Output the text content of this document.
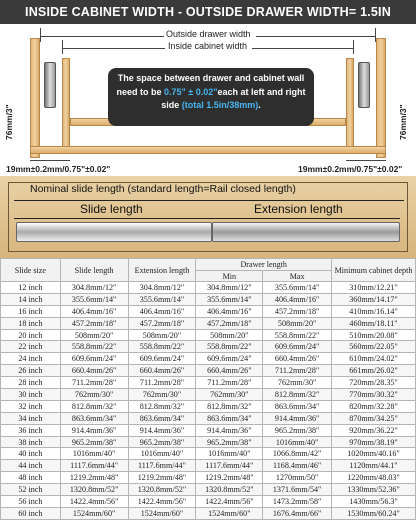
INSIDE CABINET WIDTH - OUTSIDE DRAWER WIDTH= 1.5IN
Outside drawer width
Inside cabinet width
76mm/3"	76mm/3"
The space between drawer and cabinet wall need to be 0.75" ± 0.02"each at left and right side (total 1.5in/38mm).
19mm±0.2mm/0.75"±0.02"	19mm±0.2mm/0.75"±0.02"
Nominal slide length (standard length=Rail closed length)
Slide length	Extension length
Slide size	Slide length	Extension length	Drawer length		Minimum cabinet depth
			Min	Max	
12 inch	304.8mm/12"	304.8mm/12"	304.8mm/12"	355.6mm/14"	310mm/12.21"
14 inch	355.6mm/14"	355.6mm/14"	355.6mm/14"	406.4mm/16"	360mm/14.17"
16 inch	406.4mm/16"	406.4mm/16"	406.4mm/16"	457.2mm/18"	410mm/16.14"
18 inch	457.2mm/18"	457.2mm/18"	457.2mm/18"	508mm/20"	460mm/18.11"
20 inch	508mm/20"	508mm/20"	508mm/20"	558.8mm/22"	510mm/20.08"
22 inch	558.8mm/22"	558.8mm/22"	558.8mm/22"	609.6mm/24"	560mm/22.05"
24 inch	609.6mm/24"	609.6mm/24"	609.6mm/24"	660.4mm/26"	610mm/24.02"
26 inch	660.4mm/26"	660.4mm/26"	660.4mm/26"	711.2mm/28"	661mm/26.02"
28 inch	711.2mm/28"	711.2mm/28"	711.2mm/28"	762mm/30"	720mm/28.35"
30 inch	762mm/30"	762mm/30"	762mm/30"	812.8mm/32"	770mm/30.32"
32 inch	812.8mm/32"	812.8mm/32"	812.8mm/32"	863.6mm/34"	820mm/32.28"
34 inch	863.6mm/34"	863.6mm/34"	863.6mm/34"	914.4mm/36"	870mm/34.25"
36 inch	914.4mm/36"	914.4mm/36"	914.4mm/36"	965.2mm/38"	920mm/36.22"
38 inch	965.2mm/38"	965.2mm/38"	965.2mm/38"	1016mm/40"	970mm/38.19"
40 inch	1016mm/40"	1016mm/40"	1016mm/40"	1066.8mm/42"	1020mm/40.16"
44 inch	1117.6mm/44"	1117.6mm/44"	1117.6mm/44"	1168.4mm/46"	1120mm/44.1"
48 inch	1219.2mm/48"	1219.2mm/48"	1219.2mm/48"	1270mm/50"	1220mm/48.03"
52 inch	1320.8mm/52"	1320.8mm/52"	1320.8mm/52"	1371.6mm/54"	1330mm/52.36"
56 inch	1422.4mm/56"	1422.4mm/56"	1422.4mm/56"	1473.2mm/58"	1430mm/56.3"
60 inch	1524mm/60"	1524mm/60"	1524mm/60"	1676.4mm/66"	1530mm/60.24"
